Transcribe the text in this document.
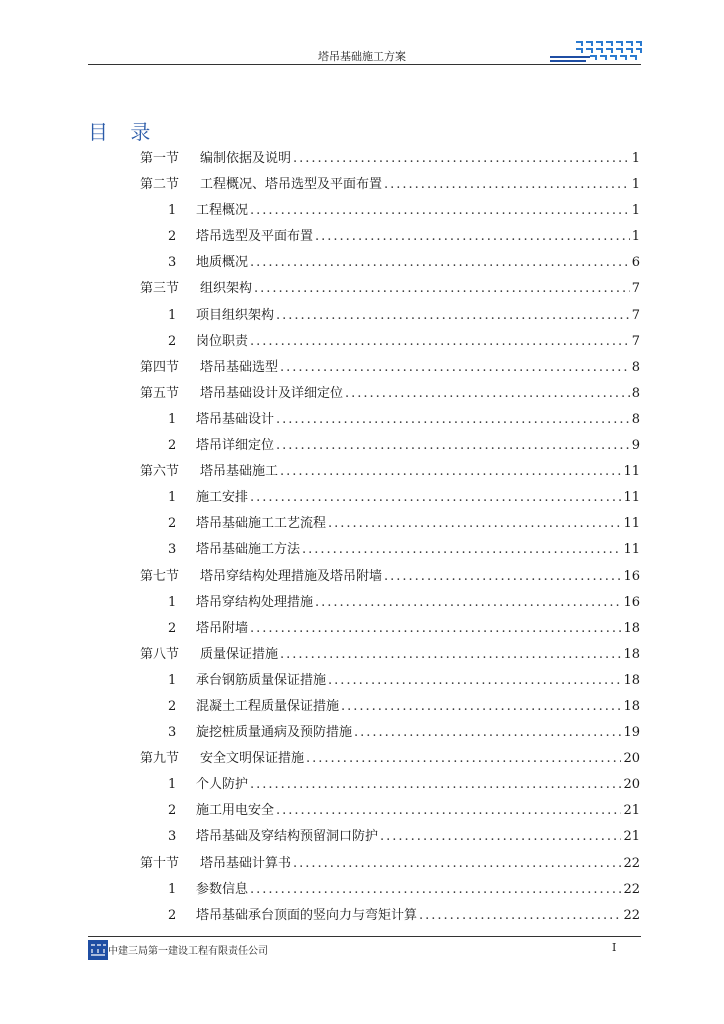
塔吊基础施工方案
目 录
第一节	编制依据及说明 .....	1
第二节	工程概况、塔吊选型及平面布置 .....	1
1	工程概况 .....	1
2	塔吊选型及平面布置 .....	1
3	地质概况 .....	6
第三节	组织架构 .....	7
1	项目组织架构 .....	7
2	岗位职责 .....	7
第四节	塔吊基础选型 .....	8
第五节	塔吊基础设计及详细定位 .....	8
1	塔吊基础设计 .....	8
2	塔吊详细定位 .....	9
第六节	塔吊基础施工 .....	11
1	施工安排 .....	11
2	塔吊基础施工工艺流程 .....	11
3	塔吊基础施工方法 .....	11
第七节	塔吊穿结构处理措施及塔吊附墙 .....	16
1	塔吊穿结构处理措施 .....	16
2	塔吊附墙 .....	18
第八节	质量保证措施 .....	18
1	承台钢筋质量保证措施 .....	18
2	混凝土工程质量保证措施 .....	18
3	旋挖桩质量通病及预防措施 .....	19
第九节	安全文明保证措施 .....	20
1	个人防护 .....	20
2	施工用电安全 .....	21
3	塔吊基础及穿结构预留洞口防护 .....	21
第十节	塔吊基础计算书 .....	22
1	参数信息 .....	22
2	塔吊基础承台顶面的竖向力与弯矩计算 .....	22
中建三局第一建设工程有限责任公司	I
